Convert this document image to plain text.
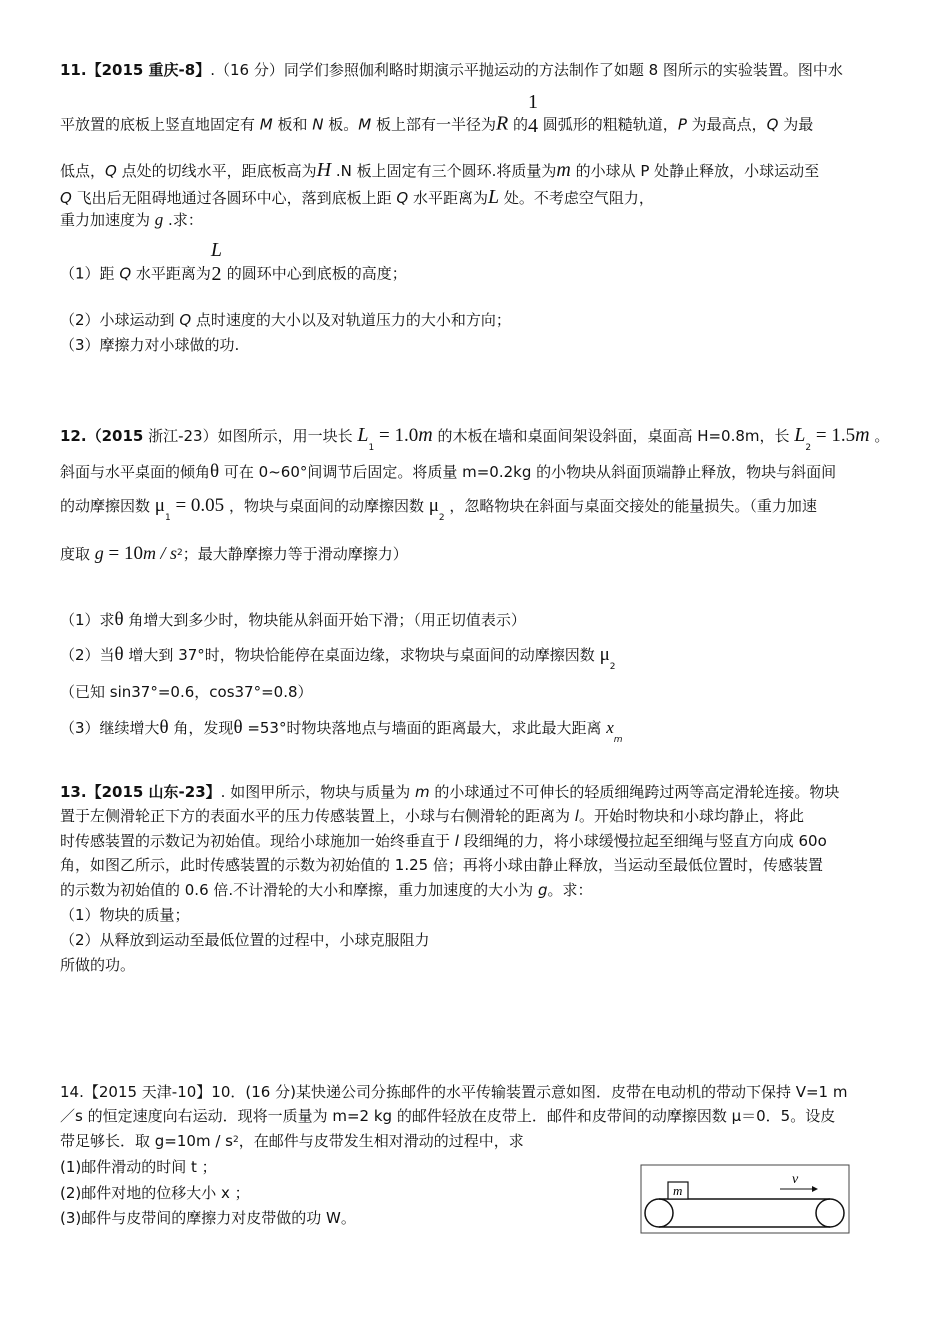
11.【2015 重庆-8】.（16 分）同学们参照伽利略时期演示平抛运动的方法制作了如题 8 图所示的实验装置。图中水
平放置的底板上竖直地固定有 M 板和 N 板。M 板上部有一半径为R 的
1
4 圆弧形的粗糙轨道，P 为最高点，Q 为最
低点，Q 点处的切线水平，距底板高为H .N 板上固定有三个圆环.将质量为m 的小球从 P 处静止释放，小球运动至
Q 飞出后无阻碍地通过各圆环中心，落到底板上距 Q 水平距离为L 处。不考虑空气阻力，
重力加速度为 g .求：
（1）距 Q 水平距离为
L
2 的圆环中心到底板的高度；
（2）小球运动到 Q 点时速度的大小以及对轨道压力的大小和方向；
（3）摩擦力对小球做的功.
12.（2015 浙江-23）如图所示，用一块长 $L_1 = 1.0m$ 的木板在墙和桌面间架设斜面，桌面高 H=0.8m，长 $L_2 = 1.5m$ 。
斜面与水平桌面的倾角θ 可在 0~60°间调节后固定。将质量 m=0.2kg 的小物块从斜面顶端静止释放，物块与斜面间
的动摩擦因数 $\mu_1 = 0.05$ ，物块与桌面间的动摩擦因数 $\mu_2$ ，忽略物块在斜面与桌面交接处的能量损失。（重力加速
度取 $g = 10m / s^2$；最大静摩擦力等于滑动摩擦力）
（1）求θ 角增大到多少时，物块能从斜面开始下滑；（用正切值表示）
（2）当θ 增大到 37°时，物块恰能停在桌面边缘，求物块与桌面间的动摩擦因数 $\mu_2$
（已知 sin37°=0.6，cos37°=0.8）
（3）继续增大θ 角，发现θ =53°时物块落地点与墙面的距离最大，求此最大距离 $x_m$
13.【2015 山东-23】. 如图甲所示，物块与质量为 m 的小球通过不可伸长的轻质细绳跨过两等高定滑轮连接。物块
置于左侧滑轮正下方的表面水平的压力传感装置上，小球与右侧滑轮的距离为 l。开始时物块和小球均静止，将此
时传感装置的示数记为初始值。现给小球施加一始终垂直于 l 段细绳的力，将小球缓慢拉起至细绳与竖直方向成 60o
角，如图乙所示，此时传感装置的示数为初始值的 1.25 倍；再将小球由静止释放，当运动至最低位置时，传感装置
的示数为初始值的 0.6 倍.不计滑轮的大小和摩擦，重力加速度的大小为 g。求：
（1）物块的质量；
（2）从释放到运动至最低位置的过程中，小球克服阻力
所做的功。
14.【2015 天津-10】10．(16 分)某快递公司分拣邮件的水平传输装置示意如图．皮带在电动机的带动下保持 V=1 m
／s 的恒定速度向右运动．现将一质量为 m=2 kg 的邮件轻放在皮带上．邮件和皮带间的动摩擦因数 μ＝0．5。设皮
带足够长．取 $g=10m / s^2$，在邮件与皮带发生相对滑动的过程中，求
(1)邮件滑动的时间 t ；
(2)邮件对地的位移大小 x ；
(3)邮件与皮带间的摩擦力对皮带做的功 W。
m
v
